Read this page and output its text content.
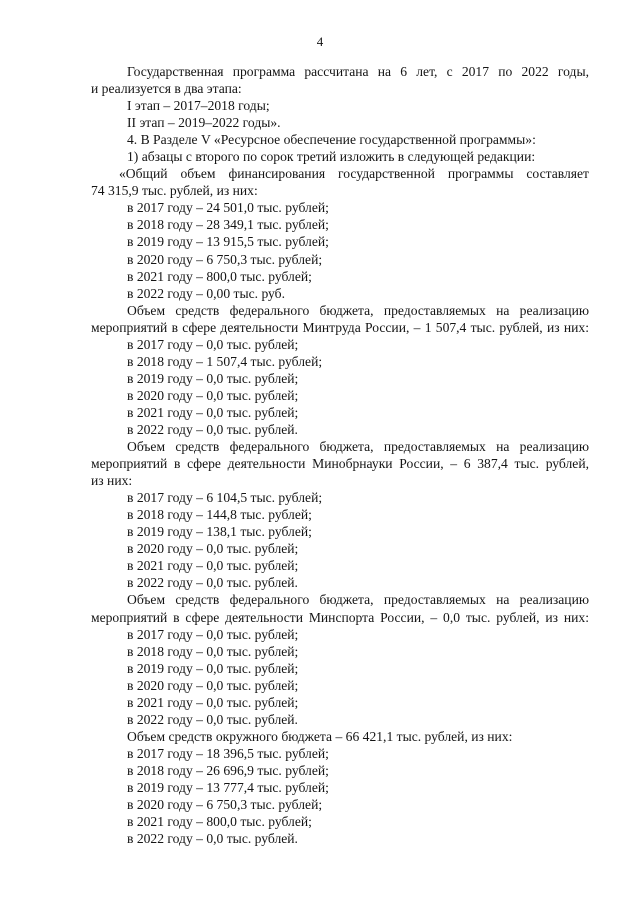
4

Государственная программа рассчитана на 6 лет, с 2017 по 2022 годы,

и реализуется в два этапа:

I этап – 2017–2018 годы;

II этап – 2019–2022 годы».

4. В Разделе V «Ресурсное обеспечение государственной программы»:

1) абзацы с второго по сорок третий изложить в следующей редакции:

«Общий объем финансирования государственной программы составляет

74 315,9 тыс. рублей, из них:

в 2017 году – 24 501,0 тыс. рублей;

в 2018 году – 28 349,1 тыс. рублей;

в 2019 году – 13 915,5 тыс. рублей;

в 2020 году – 6 750,3 тыс. рублей;

в 2021 году – 800,0 тыс. рублей;

в 2022 году – 0,00 тыс. руб.

Объем средств федерального бюджета, предоставляемых на реализацию

мероприятий в сфере деятельности Минтруда России, – 1 507,4 тыс. рублей, из них:

в 2017 году – 0,0 тыс. рублей;

в 2018 году – 1 507,4 тыс. рублей;

в 2019 году – 0,0 тыс. рублей;

в 2020 году – 0,0 тыс. рублей;

в 2021 году – 0,0 тыс. рублей;

в 2022 году – 0,0 тыс. рублей.

Объем средств федерального бюджета, предоставляемых на реализацию

мероприятий в сфере деятельности Минобрнауки России, – 6 387,4 тыс. рублей,

из них:

в 2017 году – 6 104,5 тыс. рублей;

в 2018 году – 144,8 тыс. рублей;

в 2019 году – 138,1 тыс. рублей;

в 2020 году – 0,0 тыс. рублей;

в 2021 году – 0,0 тыс. рублей;

в 2022 году – 0,0 тыс. рублей.

Объем средств федерального бюджета, предоставляемых на реализацию

мероприятий в сфере деятельности Минспорта России, – 0,0 тыс. рублей, из них:

в 2017 году – 0,0 тыс. рублей;

в 2018 году – 0,0 тыс. рублей;

в 2019 году – 0,0 тыс. рублей;

в 2020 году – 0,0 тыс. рублей;

в 2021 году – 0,0 тыс. рублей;

в 2022 году – 0,0 тыс. рублей.

Объем средств окружного бюджета – 66 421,1 тыс. рублей, из них:

в 2017 году – 18 396,5 тыс. рублей;

в 2018 году – 26 696,9 тыс. рублей;

в 2019 году – 13 777,4 тыс. рублей;

в 2020 году – 6 750,3 тыс. рублей;

в 2021 году – 800,0 тыс. рублей;

в 2022 году – 0,0 тыс. рублей.
